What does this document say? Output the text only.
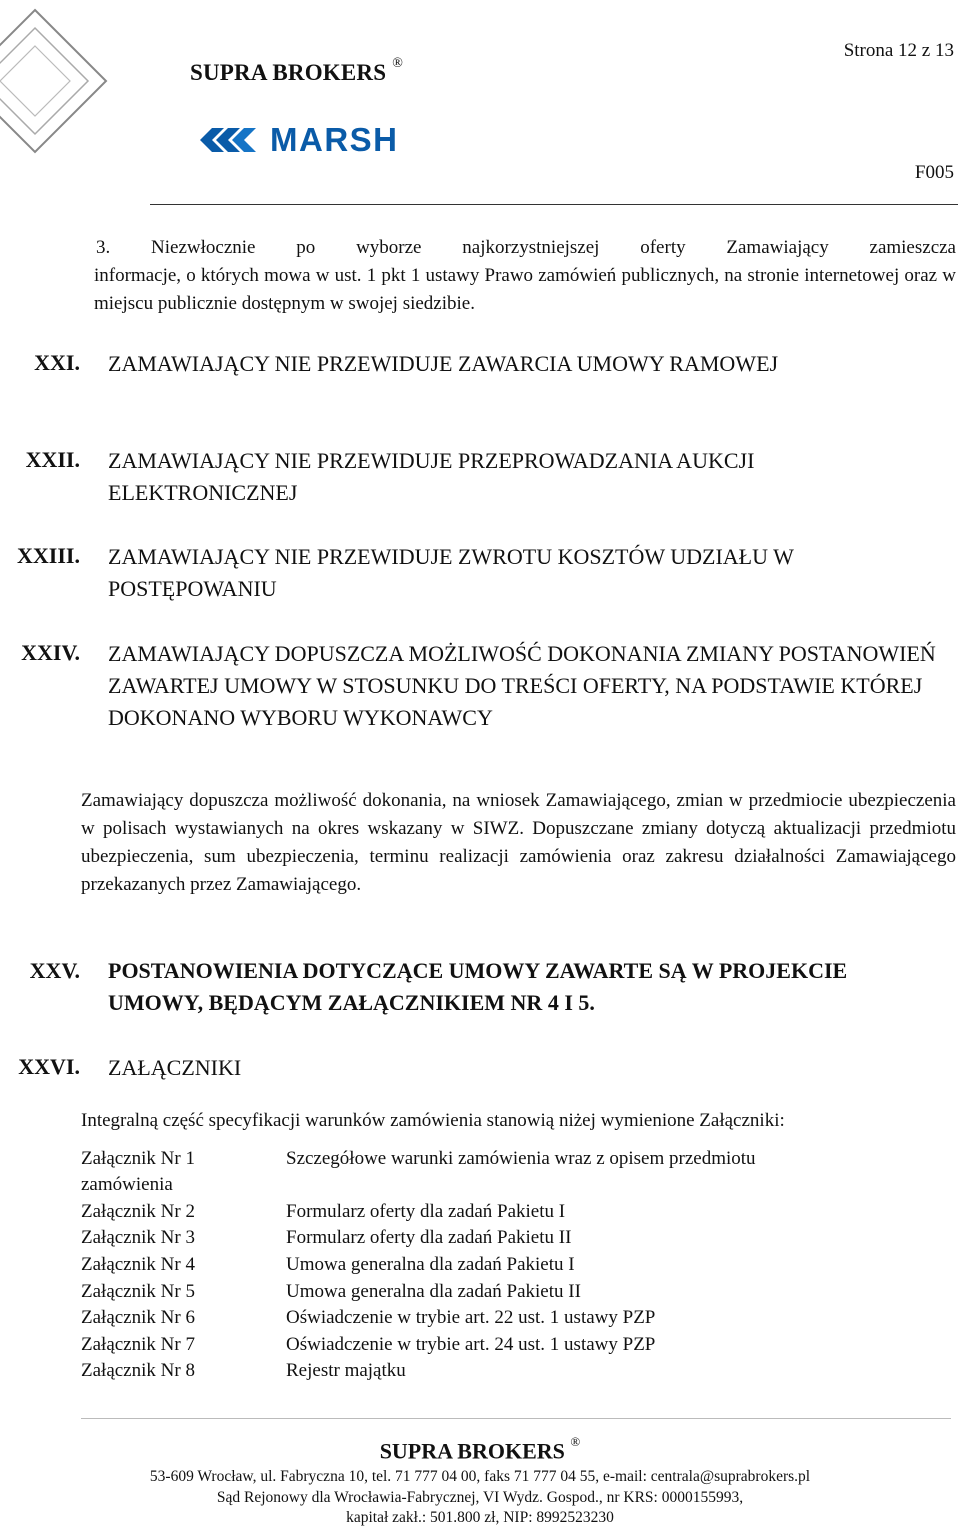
Strona 12 z 13
SUPRA BROKERS ®
MARSH
F005
3. Niezwłocznie po wyborze najkorzystniejszej oferty Zamawiający zamieszcza
informacje, o których mowa w ust. 1 pkt 1 ustawy Prawo zamówień publicznych, na stronie internetowej oraz w miejscu publicznie dostępnym w swojej siedzibie.
XXI. ZAMAWIAJĄCY NIE PRZEWIDUJE ZAWARCIA UMOWY RAMOWEJ
XXII. ZAMAWIAJĄCY NIE PRZEWIDUJE PRZEPROWADZANIA AUKCJI ELEKTRONICZNEJ
XXIII. ZAMAWIAJĄCY NIE PRZEWIDUJE ZWROTU KOSZTÓW UDZIAŁU W POSTĘPOWANIU
XXIV. ZAMAWIAJĄCY DOPUSZCZA MOŻLIWOŚĆ DOKONANIA ZMIANY POSTANOWIEŃ ZAWARTEJ UMOWY W STOSUNKU DO TREŚCI OFERTY, NA PODSTAWIE KTÓREJ DOKONANO WYBORU WYKONAWCY
Zamawiający dopuszcza możliwość dokonania, na wniosek Zamawiającego, zmian w przedmiocie ubezpieczenia w polisach wystawianych na okres wskazany w SIWZ. Dopuszczane zmiany dotyczą aktualizacji przedmiotu ubezpieczenia, sum ubezpieczenia, terminu realizacji zamówienia oraz zakresu działalności Zamawiającego przekazanych przez Zamawiającego.
XXV. POSTANOWIENIA DOTYCZĄCE UMOWY ZAWARTE SĄ W PROJEKCIE UMOWY, BĘDĄCYM ZAŁĄCZNIKIEM NR 4 I 5.
XXVI. ZAŁĄCZNIKI
Integralną część specyfikacji warunków zamówienia stanowią niżej wymienione Załączniki:
Załącznik Nr 1	Szczegółowe warunki zamówienia wraz z opisem przedmiotu
zamówienia
Załącznik Nr 2	Formularz oferty dla zadań Pakietu I
Załącznik Nr 3	Formularz oferty dla zadań Pakietu II
Załącznik Nr 4	Umowa generalna dla zadań Pakietu I
Załącznik Nr 5	Umowa generalna dla zadań Pakietu II
Załącznik Nr 6	Oświadczenie w trybie art. 22 ust. 1 ustawy PZP
Załącznik Nr 7	Oświadczenie w trybie art. 24 ust. 1 ustawy PZP
Załącznik Nr 8	Rejestr majątku
SUPRA BROKERS ®
53-609 Wrocław, ul. Fabryczna 10, tel. 71 777 04 00, faks 71 777 04 55, e-mail: centrala@suprabrokers.pl
Sąd Rejonowy dla Wrocławia-Fabrycznej, VI Wydz. Gospod., nr KRS: 0000155993,
kapitał zakł.: 501.800 zł, NIP: 8992523230
